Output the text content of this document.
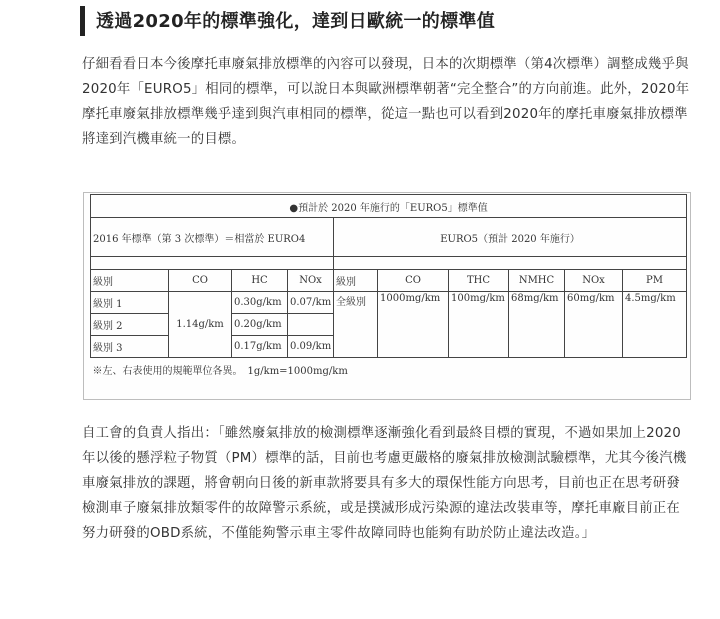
透過2020年的標準強化，達到日歐統一的標準值

仔細看看日本今後摩托車廢氣排放標準的內容可以發現，日本的次期標準（第4次標準）調整成幾乎與2020年「EURO5」相同的標準，可以說日本與歐洲標準朝著“完全整合”的方向前進。此外，2020年摩托車廢氣排放標準幾乎達到與汽車相同的標準，從這一點也可以看到2020年的摩托車廢氣排放標準將達到汽機車統一的目標。

●預計於 2020 年施行的「EURO5」標準值									
2016 年標準（第 3 次標準）＝相當於 EURO4				EURO5（預計 2020 年施行）					

級別	CO	HC	NOx	級別	CO	THC	NMHC	NOx	PM
級別 1	1.14g/km	0.30g/km	0.07/km	全級別	1000mg/km	100mg/km	68mg/km	60mg/km	4.5mg/km
級別 2		0.20g/km							
級別 3		0.17g/km	0.09/km						
※左、右表使用的規範單位各異。　1g/km=1000mg/km									

自工會的負責人指出：「雖然廢氣排放的檢測標準逐漸強化看到最終目標的實現，不過如果加上2020年以後的懸浮粒子物質（PM）標準的話，目前也考慮更嚴格的廢氣排放檢測試驗標準，尤其今後汽機車廢氣排放的課題，將會朝向日後的新車款將要具有多大的環保性能方向思考，目前也正在思考研發檢測車子廢氣排放類零件的故障警示系統，或是撲滅形成污染源的違法改裝車等，摩托車廠目前正在努力研發的OBD系統，不僅能夠警示車主零件故障同時也能夠有助於防止違法改造。」
